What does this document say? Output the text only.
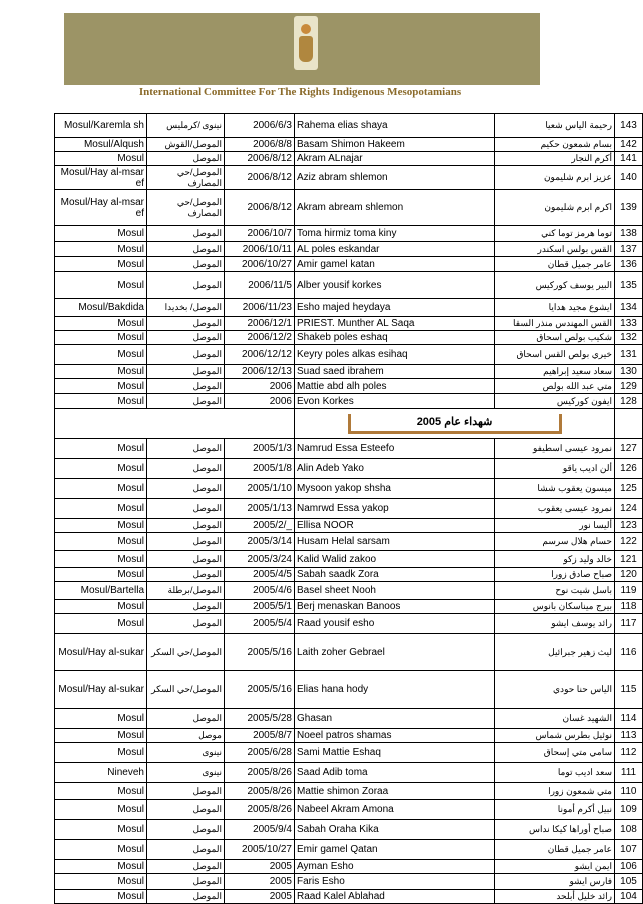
International Committee For The Rights Indigenous Mesopotamians
Mosul/Karemla sh	نينوى /كرمليس	2006/6/3	Rahema elias shaya	رحيمة الياس شعيا	143
Mosul/Alqush	الموصل/القوش	2006/8/8	Basam Shimon Hakeem	بسام شمعون حكيم	142
Mosul	الموصل	2006/8/12	Akram ALnajar	أكرم النجار	141
Mosul/Hay al-msaref	الموصل/حي المصارف	2006/8/12	Aziz abram shlemon	عزيز ابرم شليمون	140
Mosul/Hay al-msaref	الموصل/حي المصارف	2006/8/12	Akram abream shlemon	اكرم ابرم شليمون	139
Mosul	الموصل	2006/10/7	Toma hirmiz toma kiny	توما هرمز توما كني	138
Mosul	الموصل	2006/10/11	AL poles eskandar	القس بولس اسكندر	137
Mosul	الموصل	2006/10/27	Amir gamel katan	عامر جميل قطان	136
Mosul	الموصل	2006/11/5	Alber yousif korkes	البير يوسف كوركيس	135
Mosul/Bakdida	الموصل/ بخديدا	2006/11/23	Esho majed heydaya	ايشوع مجيد هدايا	134
Mosul	الموصل	2006/12/1	PRIEST. Munther AL Saqa	القس المهندس منذر السقا	133
Mosul	الموصل	2006/12/2	Shakeb poles eshaq	شكيب بولص اسحاق	132
Mosul	الموصل	2006/12/12	Keyry poles alkas esihaq	خيري بولص القس اسحاق	131
Mosul	الموصل	2006/12/13	Suad saed ibrahem	سعاد سعيد إبراهيم	130
Mosul	الموصل	2006	Mattie abd alh poles	متي عبد الله بولص	129
Mosul	الموصل	2006	Evon Korkes	ايفون كوركيس	128
			شهداء عام 2005		
Mosul	الموصل	2005/1/3	Namrud Essa Esteefo	نمرود عيسى اسطيفو	127
Mosul	الموصل	2005/1/8	Alin Adeb Yako	ألن اديب ياقو	126
Mosul	الموصل	2005/1/10	Mysoon yakop shsha	ميسون يعقوب ششا	125
Mosul	الموصل	2005/1/13	Namrwd Essa yakop	نمرود عيسى يعقوب	124
Mosul	الموصل	2005/2/_	Ellisa NOOR	أليسا نور	123
Mosul	الموصل	2005/3/14	Husam Helal sarsam	حسام هلال سرسم	122
Mosul	الموصل	2005/3/24	Kalid Walid zakoo	خالد وليد زكو	121
Mosul	الموصل	2005/4/5	Sabah saadk Zora	صباح صادق زورا	120
Mosul/Bartella	الموصل/برطلة	2005/4/6	Basel sheet Nooh	باسل شيت نوح	119
Mosul	الموصل	2005/5/1	Berj menaskan Banoos	بيرج ميناسكان بانوس	118
Mosul	الموصل	2005/5/4	Raad yousif esho	رائد يوسف ايشو	117
Mosul/Hay al-sukar	الموصل/حي السكر	2005/5/16	Laith zoher Gebrael	ليث زهير جبرائيل	116
Mosul/Hay al-sukar	الموصل/حي السكر	2005/5/16	Elias hana hody	الياس حنا حودي	115
Mosul	الموصل	2005/5/28	Ghasan	الشهيد غسان	114
Mosul	موصل	2005/8/7	Noeel patros shamas	نوئيل بطرس شماس	113
Mosul	نينوى	2005/6/28	Sami Mattie Eshaq	سامي متي إسحاق	112
Nineveh	نينوى	2005/8/26	Saad Adib toma	سعد اديب توما	111
Mosul	الموصل	2005/8/26	Mattie shimon Zoraa	متي شمعون زورا	110
Mosul	الموصل	2005/8/26	Nabeel Akram Amona	نبيل أكرم أمونا	109
Mosul	الموصل	2005/9/4	Sabah Oraha Kika	صباح أوراها كيكا نداس	108
Mosul	الموصل	2005/10/27	Emir gamel Qatan	عامر جميل قطان	107
Mosul	الموصل	2005	Ayman Esho	ايمن ايشو	106
Mosul	الموصل	2005	Faris Esho	فارس ايشو	105
Mosul	الموصل	2005	Raad Kalel Ablahad	رائد خليل أبلحد	104
